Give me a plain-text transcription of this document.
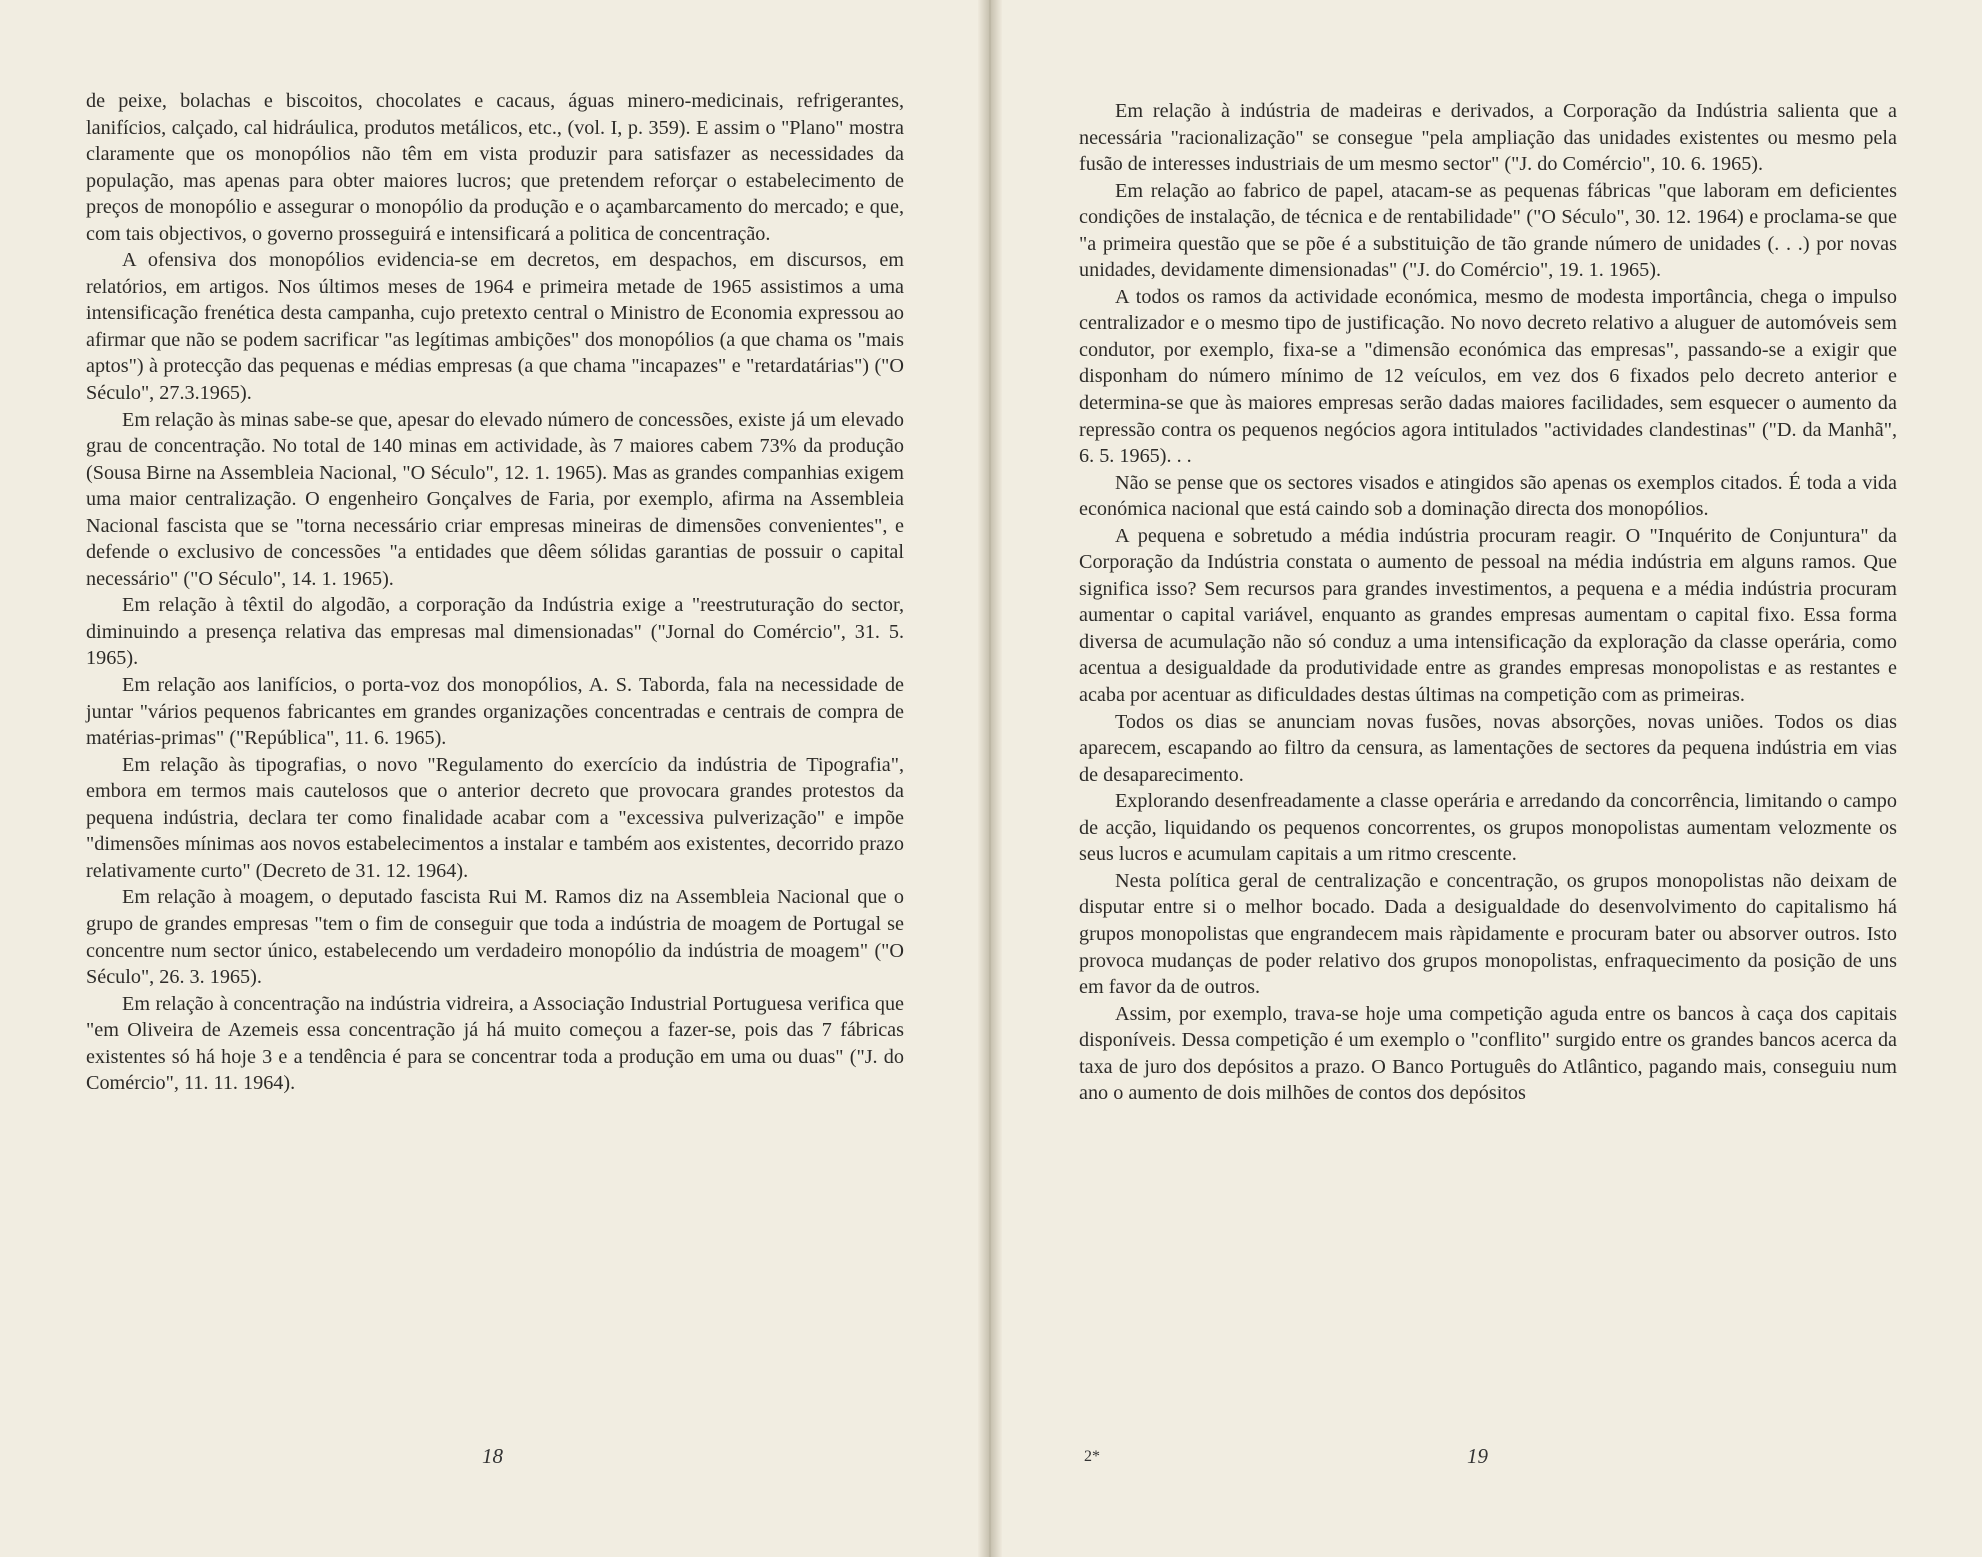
de peixe, bolachas e biscoitos, chocolates e cacaus, águas minero-medicinais, refrigerantes, lanifícios, calçado, cal hidráulica, produtos metálicos, etc., (vol. I, p. 359). E assim o "Plano" mostra claramente que os monopólios não têm em vista produzir para satisfazer as necessidades da população, mas apenas para obter maiores lucros; que pretendem reforçar o estabelecimento de preços de monopólio e assegurar o monopólio da produção e o açambarcamento do mercado; e que, com tais objectivos, o governo prosseguirá e intensificará a politica de concentração.

A ofensiva dos monopólios evidencia-se em decretos, em despachos, em discursos, em relatórios, em artigos. Nos últimos meses de 1964 e primeira metade de 1965 assistimos a uma intensificação frenética desta campanha, cujo pretexto central o Ministro de Economia expressou ao afirmar que não se podem sacrificar "as legítimas ambições" dos monopólios (a que chama os "mais aptos") à protecção das pequenas e médias empresas (a que chama "incapazes" e "retardatárias") ("O Século", 27.3.1965).

Em relação às minas sabe-se que, apesar do elevado número de concessões, existe já um elevado grau de concentração. No total de 140 minas em actividade, às 7 maiores cabem 73% da produção (Sousa Birne na Assembleia Nacional, "O Século", 12. 1. 1965). Mas as grandes companhias exigem uma maior centralização. O engenheiro Gonçalves de Faria, por exemplo, afirma na Assembleia Nacional fascista que se "torna necessário criar empresas mineiras de dimensões convenientes", e defende o exclusivo de concessões "a entidades que dêem sólidas garantias de possuir o capital necessário" ("O Século", 14. 1. 1965).

Em relação à têxtil do algodão, a corporação da Indústria exige a "reestruturação do sector, diminuindo a presença relativa das empresas mal dimensionadas" ("Jornal do Comércio", 31. 5. 1965).

Em relação aos lanifícios, o porta-voz dos monopólios, A. S. Taborda, fala na necessidade de juntar "vários pequenos fabricantes em grandes organizações concentradas e centrais de compra de matérias-primas" ("República", 11. 6. 1965).

Em relação às tipografias, o novo "Regulamento do exercício da indústria de Tipografia", embora em termos mais cautelosos que o anterior decreto que provocara grandes protestos da pequena indústria, declara ter como finalidade acabar com a "excessiva pulverização" e impõe "dimensões mínimas aos novos estabelecimentos a instalar e também aos existentes, decorrido prazo relativamente curto" (Decreto de 31. 12. 1964).

Em relação à moagem, o deputado fascista Rui M. Ramos diz na Assembleia Nacional que o grupo de grandes empresas "tem o fim de conseguir que toda a indústria de moagem de Portugal se concentre num sector único, estabelecendo um verdadeiro monopólio da indústria de moagem" ("O Século", 26. 3. 1965).

Em relação à concentração na indústria vidreira, a Associação Industrial Portuguesa verifica que "em Oliveira de Azemeis essa concentração já há muito começou a fazer-se, pois das 7 fábricas existentes só há hoje 3 e a tendência é para se concentrar toda a produção em uma ou duas" ("J. do Comércio", 11. 11. 1964).

18

Em relação à indústria de madeiras e derivados, a Corporação da Indústria salienta que a necessária "racionalização" se consegue "pela ampliação das unidades existentes ou mesmo pela fusão de interesses industriais de um mesmo sector" ("J. do Comércio", 10. 6. 1965).

Em relação ao fabrico de papel, atacam-se as pequenas fábricas "que laboram em deficientes condições de instalação, de técnica e de rentabilidade" ("O Século", 30. 12. 1964) e proclama-se que "a primeira questão que se põe é a substituição de tão grande número de unidades (. . .) por novas unidades, devidamente dimensionadas" ("J. do Comércio", 19. 1. 1965).

A todos os ramos da actividade económica, mesmo de modesta importância, chega o impulso centralizador e o mesmo tipo de justificação. No novo decreto relativo a aluguer de automóveis sem condutor, por exemplo, fixa-se a "dimensão económica das empresas", passando-se a exigir que disponham do número mínimo de 12 veículos, em vez dos 6 fixados pelo decreto anterior e determina-se que às maiores empresas serão dadas maiores facilidades, sem esquecer o aumento da repressão contra os pequenos negócios agora intitulados "actividades clandestinas" ("D. da Manhã", 6. 5. 1965). . .

Não se pense que os sectores visados e atingidos são apenas os exemplos citados. É toda a vida económica nacional que está caindo sob a dominação directa dos monopólios.

A pequena e sobretudo a média indústria procuram reagir. O "Inquérito de Conjuntura" da Corporação da Indústria constata o aumento de pessoal na média indústria em alguns ramos. Que significa isso? Sem recursos para grandes investimentos, a pequena e a média indústria procuram aumentar o capital variável, enquanto as grandes empresas aumentam o capital fixo. Essa forma diversa de acumulação não só conduz a uma intensificação da exploração da classe operária, como acentua a desigualdade da produtividade entre as grandes empresas monopolistas e as restantes e acaba por acentuar as dificuldades destas últimas na competição com as primeiras.

Todos os dias se anunciam novas fusões, novas absorções, novas uniões. Todos os dias aparecem, escapando ao filtro da censura, as lamentações de sectores da pequena indústria em vias de desaparecimento.

Explorando desenfreadamente a classe operária e arredando da concorrência, limitando o campo de acção, liquidando os pequenos concorrentes, os grupos monopolistas aumentam velozmente os seus lucros e acumulam capitais a um ritmo crescente.

Nesta política geral de centralização e concentração, os grupos monopolistas não deixam de disputar entre si o melhor bocado. Dada a desigualdade do desenvolvimento do capitalismo há grupos monopolistas que engrandecem mais ràpidamente e procuram bater ou absorver outros. Isto provoca mudanças de poder relativo dos grupos monopolistas, enfraquecimento da posição de uns em favor da de outros.

Assim, por exemplo, trava-se hoje uma competição aguda entre os bancos à caça dos capitais disponíveis. Dessa competição é um exemplo o "conflito" surgido entre os grandes bancos acerca da taxa de juro dos depósitos a prazo. O Banco Português do Atlântico, pagando mais, conseguiu num ano o aumento de dois milhões de contos dos depósitos

2*	19
